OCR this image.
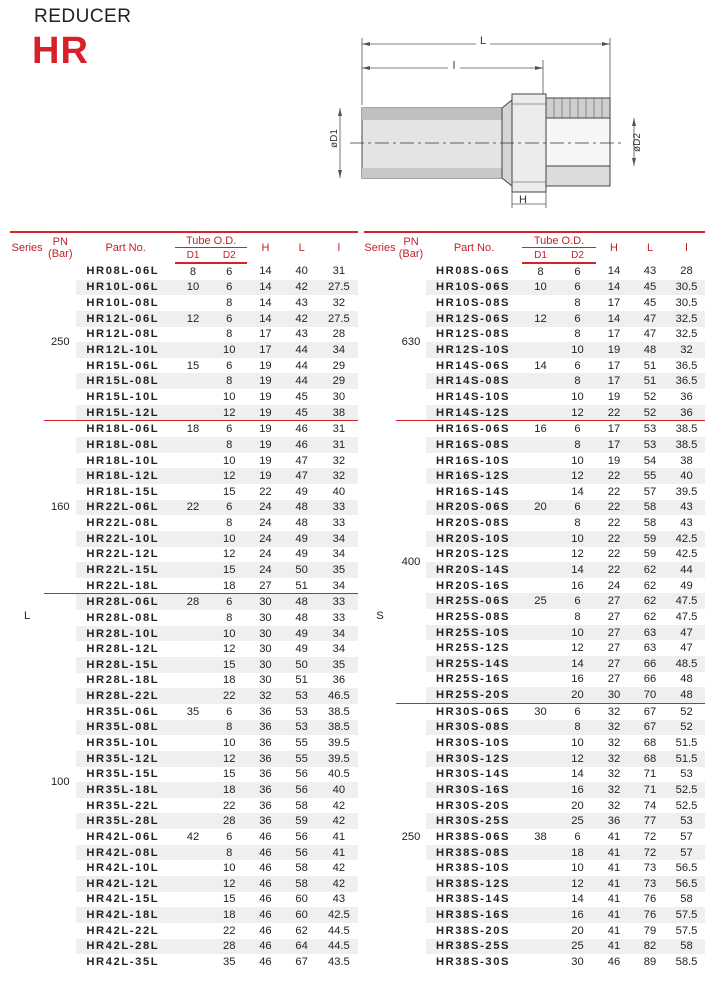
REDUCER
HR	L
l
øD1	øD2
H
Series	PN
(Bar)	Part No.	Tube O.D.		H	L	l
			D1	D2			
L	250	HR08L-06L	8	6	14	40	31
		HR10L-06L	10	6	14	42	27.5
		HR10L-08L		8	14	43	32
		HR12L-06L	12	6	14	42	27.5
		HR12L-08L		8	17	43	28
		HR12L-10L		10	17	44	34
		HR15L-06L	15	6	19	44	29
		HR15L-08L		8	19	44	29
		HR15L-10L		10	19	45	30
		HR15L-12L		12	19	45	38
	160	HR18L-06L	18	6	19	46	31
		HR18L-08L		8	19	46	31
		HR18L-10L		10	19	47	32
		HR18L-12L		12	19	47	32
		HR18L-15L		15	22	49	40
		HR22L-06L	22	6	24	48	33
		HR22L-08L		8	24	48	33
		HR22L-10L		10	24	49	34
		HR22L-12L		12	24	49	34
		HR22L-15L		15	24	50	35
		HR22L-18L		18	27	51	34
	100	HR28L-06L	28	6	30	48	33
		HR28L-08L		8	30	48	33
		HR28L-10L		10	30	49	34
		HR28L-12L		12	30	49	34
		HR28L-15L		15	30	50	35
		HR28L-18L		18	30	51	36
		HR28L-22L		22	32	53	46.5
		HR35L-06L	35	6	36	53	38.5
		HR35L-08L		8	36	53	38.5
		HR35L-10L		10	36	55	39.5
		HR35L-12L		12	36	55	39.5
		HR35L-15L		15	36	56	40.5
		HR35L-18L		18	36	56	40
		HR35L-22L		22	36	58	42
		HR35L-28L		28	36	59	42
		HR42L-06L	42	6	46	56	41
		HR42L-08L		8	46	56	41
		HR42L-10L		10	46	58	42
		HR42L-12L		12	46	58	42
		HR42L-15L		15	46	60	43
		HR42L-18L		18	46	60	42.5
		HR42L-22L		22	46	62	44.5
		HR42L-28L		28	46	64	44.5
		HR42L-35L		35	46	67	43.5
Series	PN
(Bar)	Part No.	Tube O.D.		H	L	l
			D1	D2			
S	630	HR08S-06S	8	6	14	43	28
		HR10S-06S	10	6	14	45	30.5
		HR10S-08S		8	17	45	30.5
		HR12S-06S	12	6	14	47	32.5
		HR12S-08S		8	17	47	32.5
		HR12S-10S		10	19	48	32
		HR14S-06S	14	6	17	51	36.5
		HR14S-08S		8	17	51	36.5
		HR14S-10S		10	19	52	36
		HR14S-12S		12	22	52	36
	400	HR16S-06S	16	6	17	53	38.5
		HR16S-08S		8	17	53	38.5
		HR16S-10S		10	19	54	38
		HR16S-12S		12	22	55	40
		HR16S-14S		14	22	57	39.5
		HR20S-06S	20	6	22	58	43
		HR20S-08S		8	22	58	43
		HR20S-10S		10	22	59	42.5
		HR20S-12S		12	22	59	42.5
		HR20S-14S		14	22	62	44
		HR20S-16S		16	24	62	49
		HR25S-06S	25	6	27	62	47.5
		HR25S-08S		8	27	62	47.5
		HR25S-10S		10	27	63	47
		HR25S-12S		12	27	63	47
		HR25S-14S		14	27	66	48.5
		HR25S-16S		16	27	66	48
		HR25S-20S		20	30	70	48
	250	HR30S-06S	30	6	32	67	52
		HR30S-08S		8	32	67	52
		HR30S-10S		10	32	68	51.5
		HR30S-12S		12	32	68	51.5
		HR30S-14S		14	32	71	53
		HR30S-16S		16	32	71	52.5
		HR30S-20S		20	32	74	52.5
		HR30S-25S		25	36	77	53
		HR38S-06S	38	6	41	72	57
		HR38S-08S		18	41	72	57
		HR38S-10S		10	41	73	56.5
		HR38S-12S		12	41	73	56.5
		HR38S-14S		14	41	76	58
		HR38S-16S		16	41	76	57.5
		HR38S-20S		20	41	79	57.5
		HR38S-25S		25	41	82	58
		HR38S-30S		30	46	89	58.5
